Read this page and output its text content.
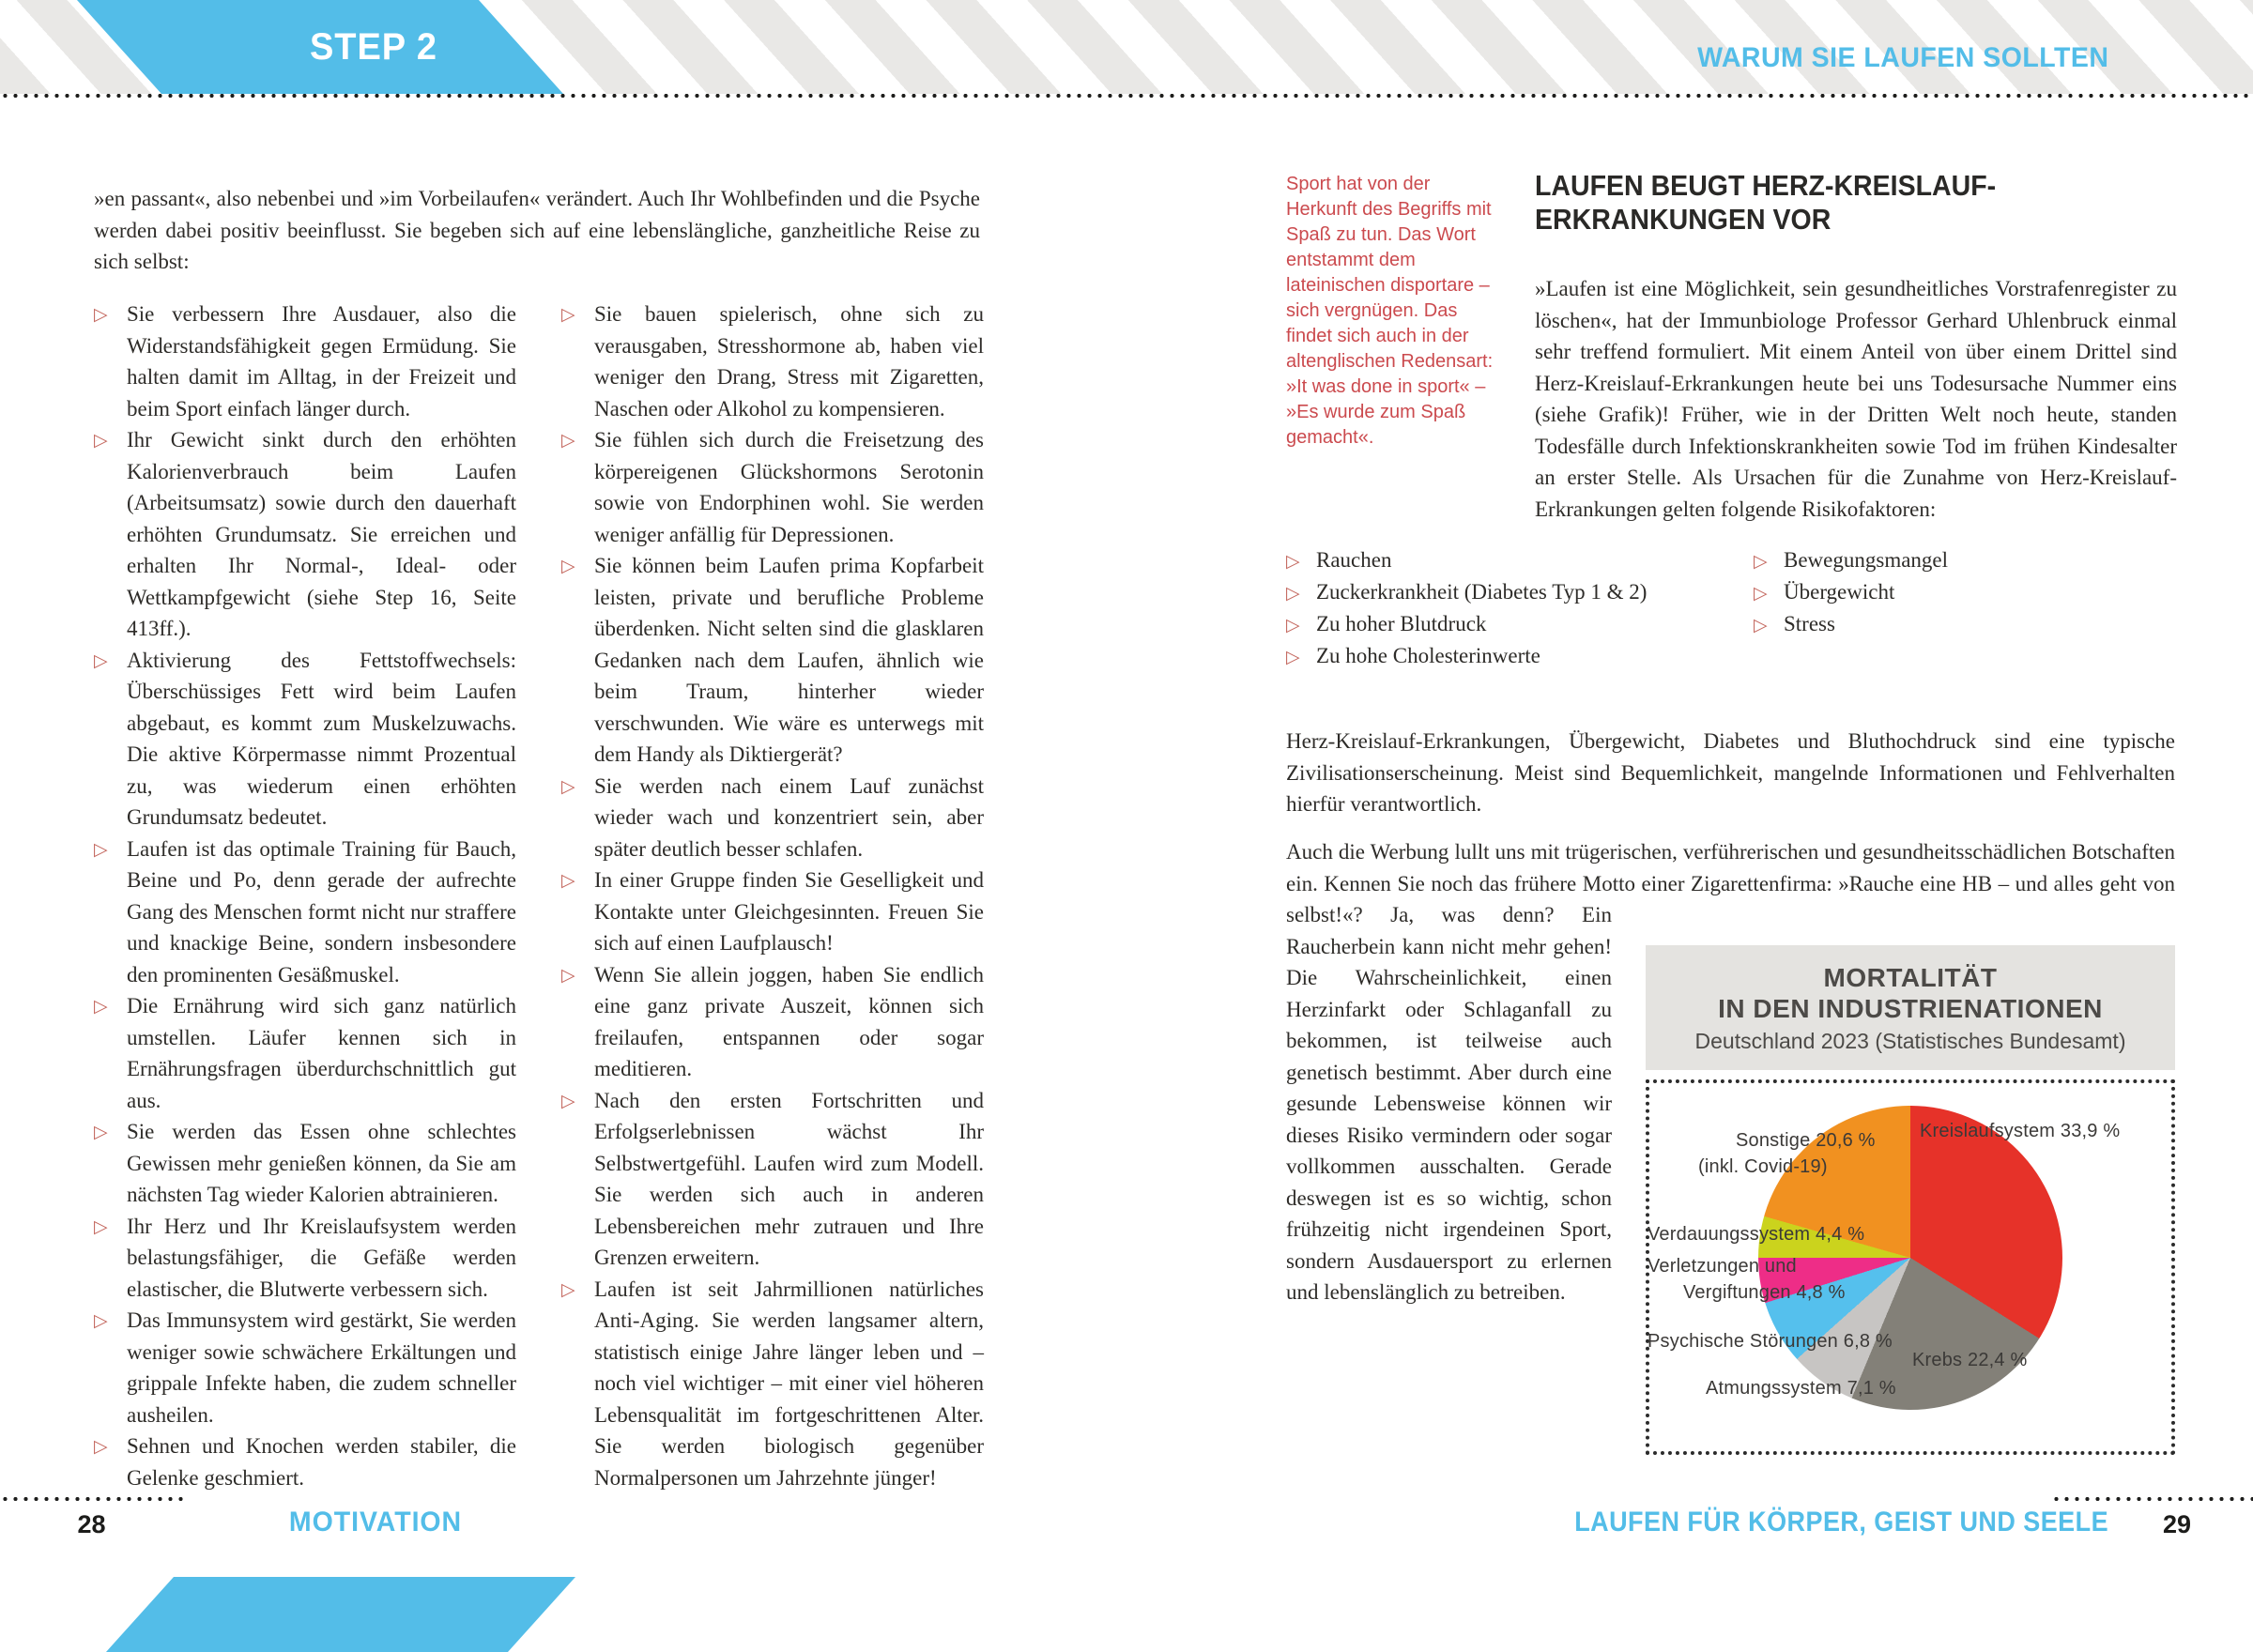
STEP 2	WARUM SIE LAUFEN SOLLTEN

»en passant«, also nebenbei und »im Vorbeilaufen« verändert. Auch Ihr Wohlbefinden und die Psyche werden dabei positiv beeinflusst. Sie begeben sich auf eine lebenslängliche, ganzheitliche Reise zu sich selbst:

▷ Sie verbessern Ihre Ausdauer, also die Widerstandsfähigkeit gegen Ermüdung. Sie halten damit im Alltag, in der Freizeit und beim Sport einfach länger durch.
▷ Ihr Gewicht sinkt durch den erhöhten Kalorienverbrauch beim Laufen (Arbeitsumsatz) sowie durch den dauerhaft erhöhten Grundumsatz. Sie erreichen und erhalten Ihr Normal-, Ideal- oder Wettkampfgewicht (siehe Step 16, Seite 413ff.).
▷ Aktivierung des Fettstoffwechsels: Überschüssiges Fett wird beim Laufen abgebaut, es kommt zum Muskelzuwachs. Die aktive Körpermasse nimmt Prozentual zu, was wiederum einen erhöhten Grundumsatz bedeutet.
▷ Laufen ist das optimale Training für Bauch, Beine und Po, denn gerade der aufrechte Gang des Menschen formt nicht nur straffere und knackige Beine, sondern insbesondere den prominenten Gesäßmuskel.
▷ Die Ernährung wird sich ganz natürlich umstellen. Läufer kennen sich in Ernährungsfragen überdurchschnittlich gut aus.
▷ Sie werden das Essen ohne schlechtes Gewissen mehr genießen können, da Sie am nächsten Tag wieder Kalorien abtrainieren.
▷ Ihr Herz und Ihr Kreislaufsystem werden belastungsfähiger, die Gefäße werden elastischer, die Blutwerte verbessern sich.
▷ Das Immunsystem wird gestärkt, Sie werden weniger sowie schwächere Erkältungen und grippale Infekte haben, die zudem schneller ausheilen.
▷ Sehnen und Knochen werden stabiler, die Gelenke geschmiert.
▷ Sie bauen spielerisch, ohne sich zu verausgaben, Stresshormone ab, haben viel weniger den Drang, Stress mit Zigaretten, Naschen oder Alkohol zu kompensieren.
▷ Sie fühlen sich durch die Freisetzung des körpereigenen Glückshormons Serotonin sowie von Endorphinen wohl. Sie werden weniger anfällig für Depressionen.
▷ Sie können beim Laufen prima Kopfarbeit leisten, private und berufliche Probleme überdenken. Nicht selten sind die glasklaren Gedanken nach dem Laufen, ähnlich wie beim Traum, hinterher wieder verschwunden. Wie wäre es unterwegs mit dem Handy als Diktiergerät?
▷ Sie werden nach einem Lauf zunächst wieder wach und konzentriert sein, aber später deutlich besser schlafen.
▷ In einer Gruppe finden Sie Geselligkeit und Kontakte unter Gleichgesinnten. Freuen Sie sich auf einen Laufplausch!
▷ Wenn Sie allein joggen, haben Sie endlich eine ganz private Auszeit, können sich freilaufen, entspannen oder sogar meditieren.
▷ Nach den ersten Fortschritten und Erfolgserlebnissen wächst Ihr Selbstwertgefühl. Laufen wird zum Modell. Sie werden sich auch in anderen Lebensbereichen mehr zutrauen und Ihre Grenzen erweitern.
▷ Laufen ist seit Jahrmillionen natürliches Anti-Aging. Sie werden langsamer altern, statistisch einige Jahre länger leben und – noch viel wichtiger – mit einer viel höheren Lebensqualität im fortgeschrittenen Alter. Sie werden biologisch gegenüber Normalpersonen um Jahrzehnte jünger!
28	MOTIVATION
Sport hat von der Herkunft des Begriffs mit Spaß zu tun. Das Wort entstammt dem lateinischen disportare – sich vergnügen. Das findet sich auch in der altenglischen Redensart: »It was done in sport« – »Es wurde zum Spaß gemacht«.
LAUFEN BEUGT HERZ-KREISLAUF-
ERKRANKUNGEN VOR

»Laufen ist eine Möglichkeit, sein gesundheitliches Vorstrafenregister zu löschen«, hat der Immunbiologe Professor Gerhard Uhlenbruck einmal sehr treffend formuliert. Mit einem Anteil von über einem Drittel sind Herz-Kreislauf-Erkrankungen heute bei uns Todesursache Nummer eins (siehe Grafik)! Früher, wie in der Dritten Welt noch heute, standen Todesfälle durch Infektionskrankheiten sowie Tod im frühen Kindesalter an erster Stelle. Als Ursachen für die Zunahme von Herz-Kreislauf-Erkrankungen gelten folgende Risikofaktoren:

▷ Rauchen
▷ Zuckerkrankheit (Diabetes Typ 1 & 2)
▷ Zu hoher Blutdruck
▷ Zu hohe Cholesterinwerte
▷ Bewegungsmangel
▷ Übergewicht
▷ Stress

Herz-Kreislauf-Erkrankungen, Übergewicht, Diabetes und Bluthochdruck sind eine typische Zivilisationserscheinung. Meist sind Bequemlichkeit, mangelnde Informationen und Fehlverhalten hierfür verantwortlich.

MORTALITÄT
IN DEN INDUSTRIENATIONEN
Deutschland 2023 (Statistisches Bundesamt)
Kreislaufsystem 33,9 %
Sonstige 20,6 %
(inkl. Covid-19)
Verdauungssystem 4,4 %
Verletzungen und
Vergiftungen 4,8 %
Psychische Störungen 6,8 %
Atmungssystem 7,1 %
Krebs 22,4 %

Auch die Werbung lullt uns mit trügerischen, verführerischen und gesundheitsschädlichen Botschaften ein. Kennen Sie noch das frühere Motto einer Zigarettenfirma: »Rauche eine HB – und alles geht von selbst!«? Ja, was denn? Ein Raucherbein kann nicht mehr gehen! Die Wahrscheinlichkeit, einen Herzinfarkt oder Schlaganfall zu bekommen, ist teilweise auch genetisch bestimmt. Aber durch eine gesunde Lebensweise können wir dieses Risiko vermindern oder sogar vollkommen ausschalten. Gerade deswegen ist es so wichtig, schon frühzeitig nicht irgendeinen Sport, sondern Ausdauersport zu erlernen und lebenslänglich zu betreiben.

29
LAUFEN FÜR KÖRPER, GEIST UND SEELE
